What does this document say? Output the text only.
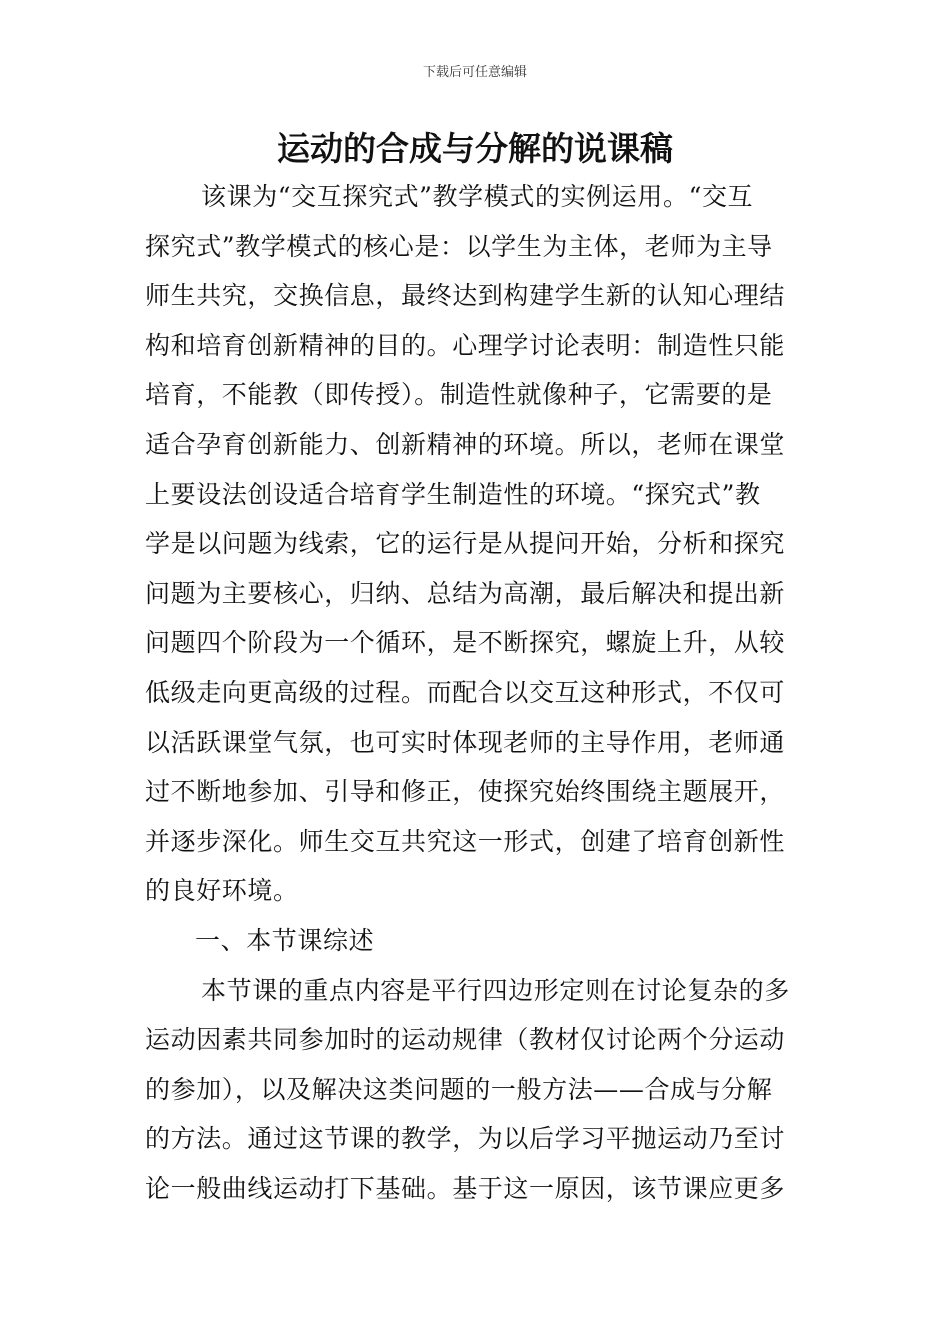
下载后可任意编辑
运动的合成与分解的说课稿
该课为“交互探究式”教学模式的实例运用。“交互
探究式”教学模式的核心是：以学生为主体，老师为主导
师生共究，交换信息，最终达到构建学生新的认知心理结
构和培育创新精神的目的。心理学讨论表明：制造性只能
培育，不能教（即传授）。制造性就像种子，它需要的是
适合孕育创新能力、创新精神的环境。所以，老师在课堂
上要设法创设适合培育学生制造性的环境。“探究式”教
学是以问题为线索，它的运行是从提问开始，分析和探究
问题为主要核心，归纳、总结为高潮，最后解决和提出新
问题四个阶段为一个循环，是不断探究，螺旋上升，从较
低级走向更高级的过程。而配合以交互这种形式，不仅可
以活跃课堂气氛，也可实时体现老师的主导作用，老师通
过不断地参加、引导和修正，使探究始终围绕主题展开，
并逐步深化。师生交互共究这一形式，创建了培育创新性
的良好环境。
一、本节课综述
本节课的重点内容是平行四边形定则在讨论复杂的多
运动因素共同参加时的运动规律（教材仅讨论两个分运动
的参加），以及解决这类问题的一般方法——合成与分解
的方法。通过这节课的教学，为以后学习平抛运动乃至讨
论一般曲线运动打下基础。基于这一原因，该节课应更多
